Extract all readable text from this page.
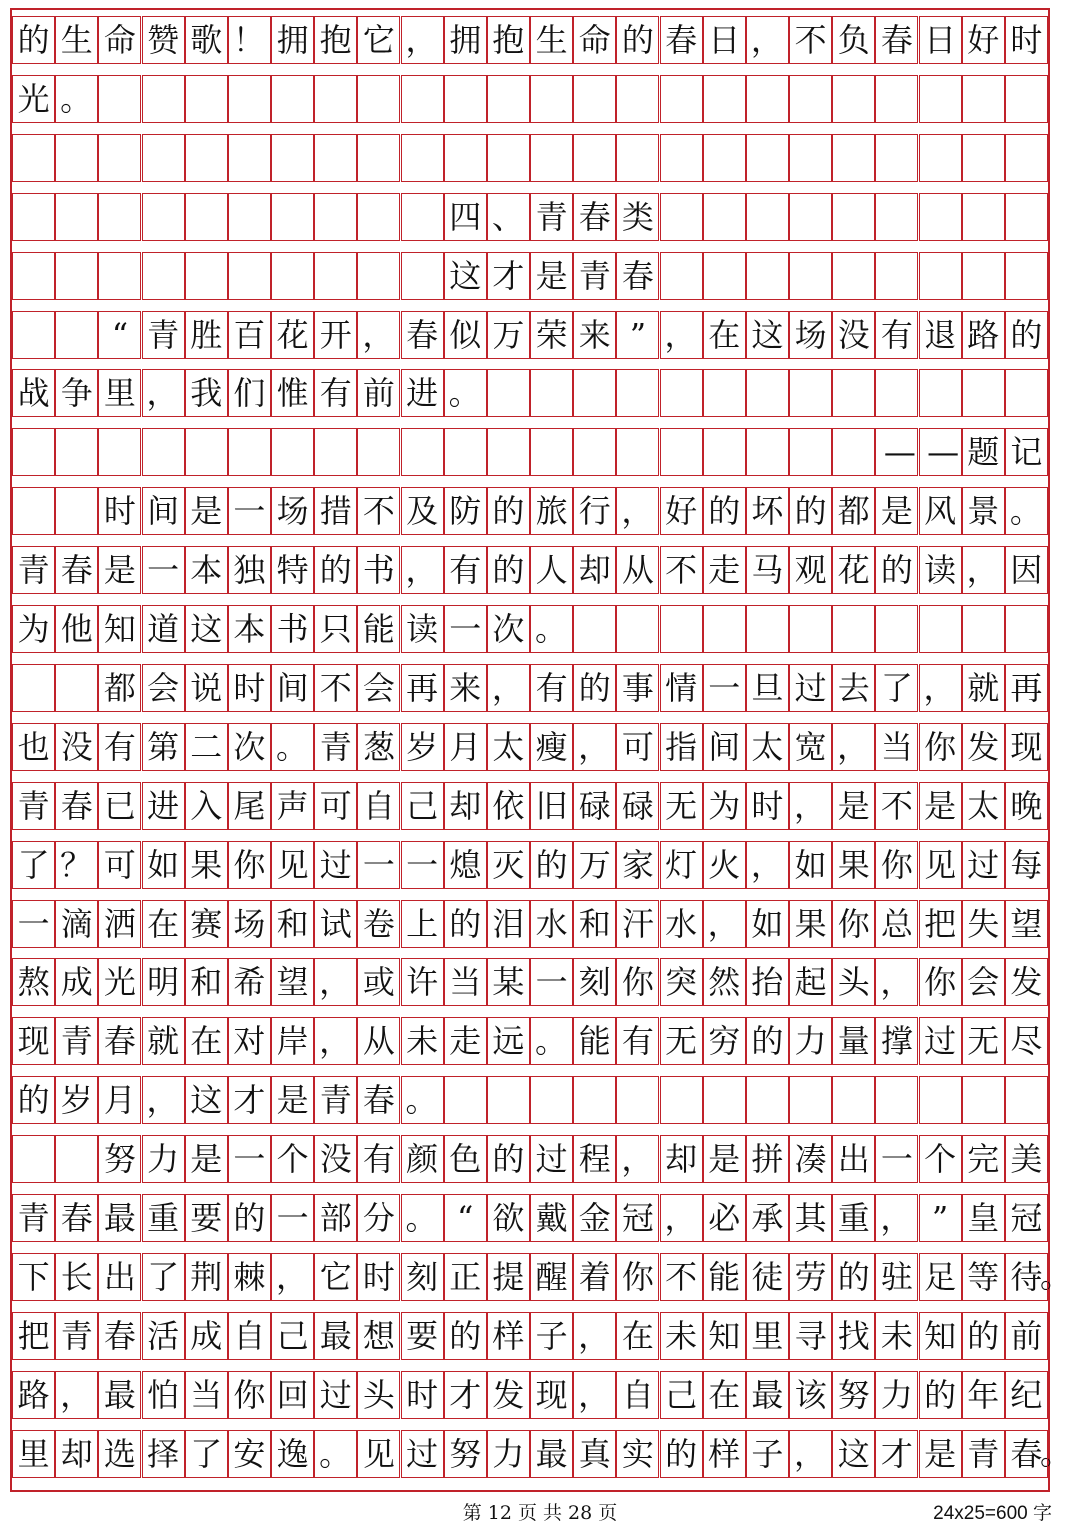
的 生 命 赞 歌 ！ 拥 抱 它 ， 拥 抱 生 命 的 春 日 ， 不 负 春 日 好 时
光 。
四 、 青 春 类
这 才 是 青 春
“ 青 胜 百 花 开 ， 春 似 万 荣 来 ” ， 在 这 场 没 有 退 路 的
战 争 里 ， 我 们 惟 有 前 进 。
— — 题 记
时 间 是 一 场 措 不 及 防 的 旅 行 ， 好 的 坏 的 都 是 风 景 。
青 春 是 一 本 独 特 的 书 ， 有 的 人 却 从 不 走 马 观 花 的 读 ， 因
为 他 知 道 这 本 书 只 能 读 一 次 。
都 会 说 时 间 不 会 再 来 ， 有 的 事 情 一 旦 过 去 了 ， 就 再
也 没 有 第 二 次 。 青 葱 岁 月 太 瘦 ， 可 指 间 太 宽 ， 当 你 发 现
青 春 已 进 入 尾 声 可 自 己 却 依 旧 碌 碌 无 为 时 ， 是 不 是 太 晚
了 ？ 可 如 果 你 见 过 一 一 熄 灭 的 万 家 灯 火 ， 如 果 你 见 过 每
一 滴 洒 在 赛 场 和 试 卷 上 的 泪 水 和 汗 水 ， 如 果 你 总 把 失 望
熬 成 光 明 和 希 望 ， 或 许 当 某 一 刻 你 突 然 抬 起 头 ， 你 会 发
现 青 春 就 在 对 岸 ， 从 未 走 远 。 能 有 无 穷 的 力 量 撑 过 无 尽
的 岁 月 ， 这 才 是 青 春 。
努 力 是 一 个 没 有 颜 色 的 过 程 ， 却 是 拼 凑 出 一 个 完 美
青 春 最 重 要 的 一 部 分 。 “ 欲 戴 金 冠 ， 必 承 其 重 ， ” 皇 冠
。
下 长 出 了 荆 棘 ， 它 时 刻 正 提 醒 着 你 不 能 徒 劳 的 驻 足 等 待
把 青 春 活 成 自 己 最 想 要 的 样 子 ， 在 未 知 里 寻 找 未 知 的 前
路 ， 最 怕 当 你 回 过 头 时 才 发 现 ， 自 己 在 最 该 努 力 的 年 纪
。
里 却 选 择 了 安 逸 。 见 过 努 力 最 真 实 的 样 子 ， 这 才 是 青 春
第 12 页 共 28 页	24x25=600 字
